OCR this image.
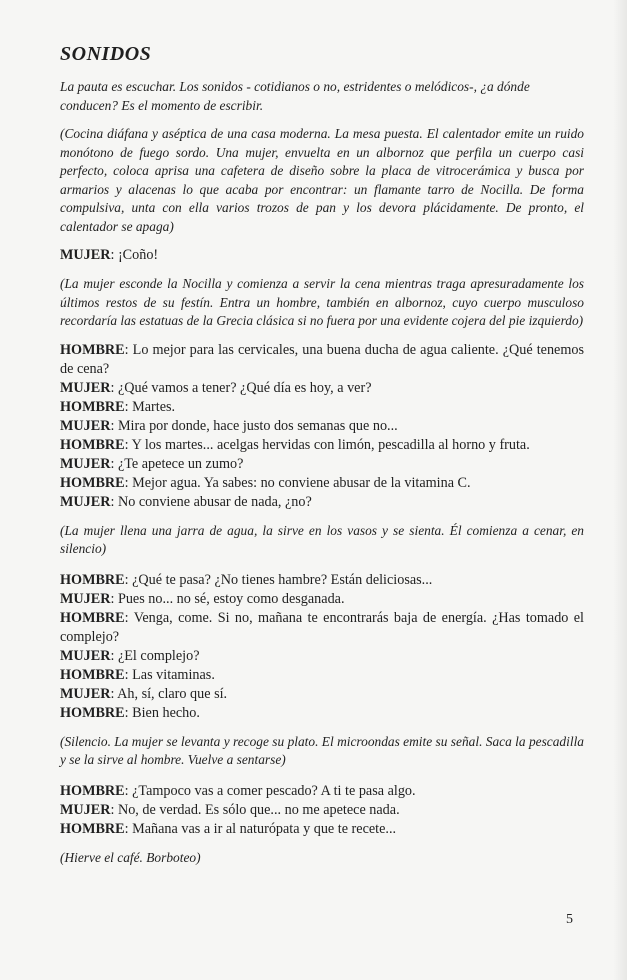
SONIDOS

La pauta es escuchar. Los sonidos - cotidianos o no, estridentes o melódicos-, ¿a dónde conducen? Es el momento de escribir.

(Cocina diáfana y aséptica de una casa moderna. La mesa puesta. El calentador emite un ruido monótono de fuego sordo. Una mujer, envuelta en un albornoz que perfila un cuerpo casi perfecto, coloca aprisa una cafetera de diseño sobre la placa de vitrocerámica y busca por armarios y alacenas lo que acaba por encontrar: un flamante tarro de Nocilla. De forma compulsiva, unta con ella varios trozos de pan y los devora plácidamente. De pronto, el calentador se apaga)

MUJER: ¡Coño!

(La mujer esconde la Nocilla y comienza a servir la cena mientras traga apresuradamente los últimos restos de su festín. Entra un hombre, también en albornoz, cuyo cuerpo musculoso recordaría las estatuas de la Grecia clásica si no fuera por una evidente cojera del pie izquierdo)

HOMBRE: Lo mejor para las cervicales, una buena ducha de agua caliente. ¿Qué tenemos de cena?
MUJER: ¿Qué vamos a tener? ¿Qué día es hoy, a ver?
HOMBRE: Martes.
MUJER: Mira por donde, hace justo dos semanas que no...
HOMBRE: Y los martes... acelgas hervidas con limón, pescadilla al horno y fruta.
MUJER: ¿Te apetece un zumo?
HOMBRE: Mejor agua. Ya sabes: no conviene abusar de la vitamina C.
MUJER: No conviene abusar de nada, ¿no?

(La mujer llena una jarra de agua, la sirve en los vasos y se sienta. Él comienza a cenar, en silencio)

HOMBRE: ¿Qué te pasa? ¿No tienes hambre? Están deliciosas...
MUJER: Pues no... no sé, estoy como desganada.
HOMBRE: Venga, come. Si no, mañana te encontrarás baja de energía. ¿Has tomado el complejo?
MUJER: ¿El complejo?
HOMBRE: Las vitaminas.
MUJER: Ah, sí, claro que sí.
HOMBRE: Bien hecho.

(Silencio. La mujer se levanta y recoge su plato. El microondas emite su señal. Saca la pescadilla y se la sirve al hombre. Vuelve a sentarse)

HOMBRE: ¿Tampoco vas a comer pescado? A ti te pasa algo.
MUJER: No, de verdad. Es sólo que... no me apetece nada.
HOMBRE: Mañana vas a ir al naturópata y que te recete...

(Hierve el café. Borboteo)

5
